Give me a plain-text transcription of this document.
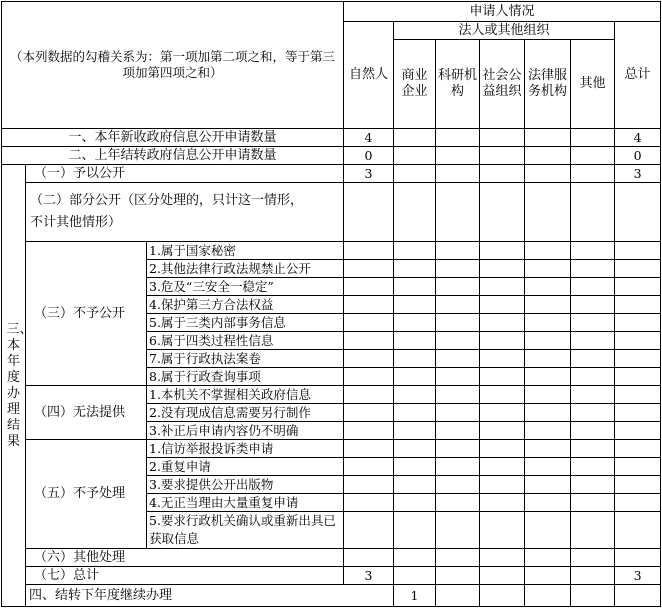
（本列数据的勾稽关系为：第一项加第二项之和，等于第三项加第四项之和）			申请人情况							
			自然人	法人或其他组织					总计	
				商业企业	科研机构	社会公益组织	法律服务机构	其他		
一、本年新收政府信息公开申请数量			4						4	
二、上年结转政府信息公开申请数量			0						0	

三、本年度办理结果	（一）予以公开		3						3	
	（二）部分公开（区分处理的，只计这一情形，不计其他情形）									
	（三）不予公开	1.属于国家秘密								
		2.其他法律行政法规禁止公开								
		3.危及“三安全一稳定”								
		4.保护第三方合法权益								
		5.属于三类内部事务信息								
		6.属于四类过程性信息								
		7.属于行政执法案卷								
		8.属于行政查询事项								
	（四）无法提供	1.本机关不掌握相关政府信息								
		2.没有现成信息需要另行制作								
		3.补正后申请内容仍不明确								
	（五）不予处理	1.信访举报投诉类申请								
		2.重复申请								
		3.要求提供公开出版物								
		4.无正当理由大量重复申请								
		5.要求行政机关确认或重新出具已获取信息								
	（六）其他处理									
	（七）总计		3						3	
	四、结转下年度继续办理			1						
